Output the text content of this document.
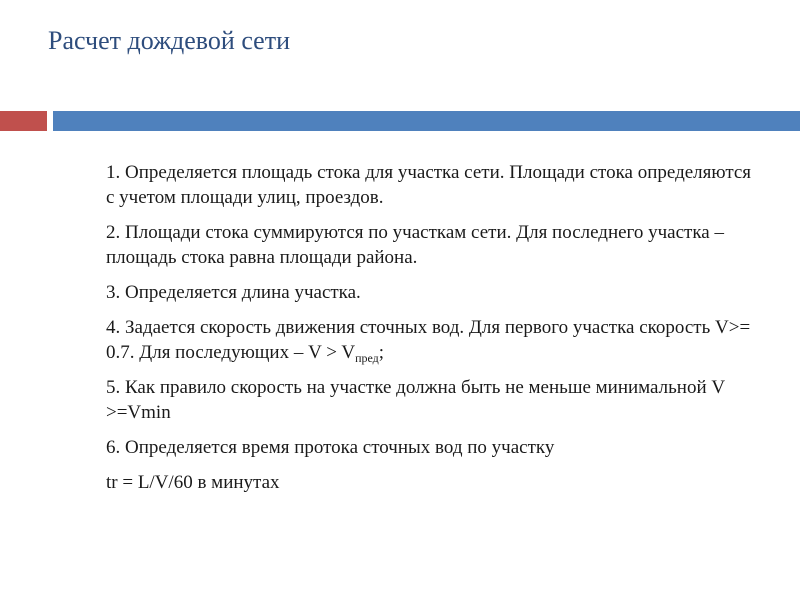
Расчет дождевой сети

1. Определяется площадь стока для участка сети. Площади стока определяются с учетом площади улиц, проездов.

2. Площади стока суммируются по участкам сети. Для последнего участка – площадь стока равна площади района.

3. Определяется длина участка.

4. Задается скорость движения сточных вод. Для первого участка скорость V>= 0.7. Для последующих – $V > V_{пред}$;

5. Как правило скорость на участке должна быть не меньше минимальной V >=Vmin

6. Определяется время протока сточных вод по участку

tr = L/V/60 в минутах
